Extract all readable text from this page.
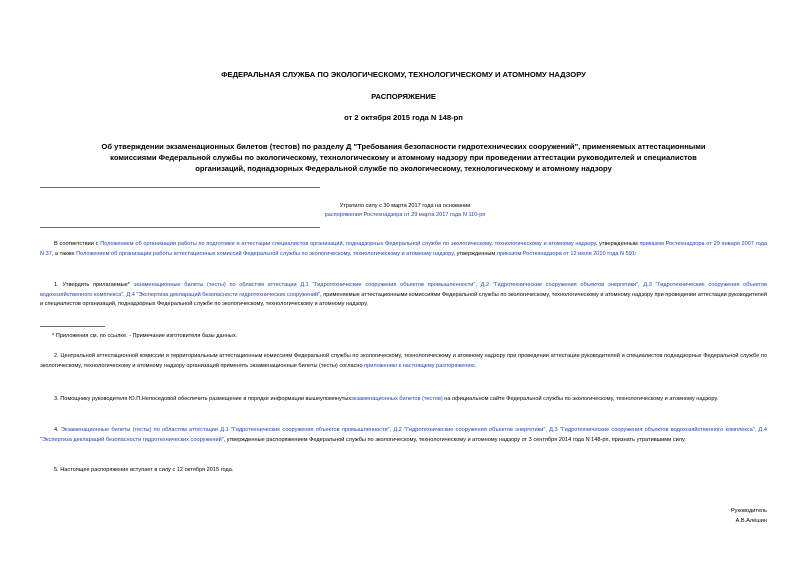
ФЕДЕРАЛЬНАЯ СЛУЖБА ПО ЭКОЛОГИЧЕСКОМУ, ТЕХНОЛОГИЧЕСКОМУ И АТОМНОМУ НАДЗОРУ
РАСПОРЯЖЕНИЕ
от 2 октября 2015 года N 148-рп
Об утверждении экзаменационных билетов (тестов) по разделу Д "Требования безопасности гидротехнических сооружений", применяемых аттестационными
комиссиями Федеральной службы по экологическому, технологическому и атомному надзору при проведении аттестации руководителей и специалистов
организаций, поднадзорных Федеральной службе по экологическому, технологическому и атомному надзору
Утратило силу с 30 марта 2017 года на основании
распоряжения Ростехнадзора от 29 марта 2017 года N 110-рп
В соответствии с Положением об организации работы по подготовке и аттестации специалистов организаций, поднадзорных Федеральной службе по экологическому, технологическому и атомному надзору, утвержденным приказом Ростехнадзора от 29 января 2007 года N 37, а также Положением об организации работы аттестационных комиссий Федеральной службы по экологическому, технологическому и атомному надзору, утвержденным приказом Ростехнадзора от 12 июля 2010 года N 591:
1. Утвердить прилагаемые* экзаменационные билеты (тесты) по областям аттестации Д.1 "Гидротехнические сооружения объектов промышленности", Д.2 "Гидротехнические сооружения объектов энергетики", Д.3 "Гидротехнические сооружения объектов водохозяйственного комплекса", Д.4 "Экспертиза деклараций безопасности гидротехнических сооружений", применяемые аттестационными комиссиями Федеральной службы по экологическому, технологическому и атомному надзору при проведении аттестации руководителей и специалистов организаций, поднадзорных Федеральной службе по экологическому, технологическому и атомному надзору.
* Приложения см. по ссылке. - Примечание изготовителя базы данных.
2. Центральной аттестационной комиссии и территориальным аттестационным комиссиям Федеральной службы по экологическому, технологическому и атомному надзору при проведении аттестации руководителей и специалистов поднадзорных Федеральной службе по экологическому, технологическому и атомному надзору организаций применять экзаменационные билеты (тесты) согласно приложению к настоящему распоряжению.
3. Помощнику руководителя Ю.П.Непоседовой обеспечить размещение в порядке информации вышеупомянутыхэкзаменационных билетов (тестов) на официальном сайте Федеральной службы по экологическому, технологическому и атомному надзору.
4. Экзаменационные билеты (тесты) по областям аттестации Д.1 "Гидротехнические сооружения объектов промышленности", Д.2 "Гидротехнические сооружения объектов энергетики", Д.3 "Гидротехнические сооружения объектов водохозяйственного комплекса", Д.4 "Экспертиза деклараций безопасности гидротехнических сооружений", утвержденные распоряжением Федеральной службы по экологическому, технологическому и атомному надзору от 3 сентября 2014 года N 148-рп, признать утратившими силу.
5. Настоящее распоряжение вступает в силу с 12 октября 2015 года.
Руководитель
А.В.Алёшин
